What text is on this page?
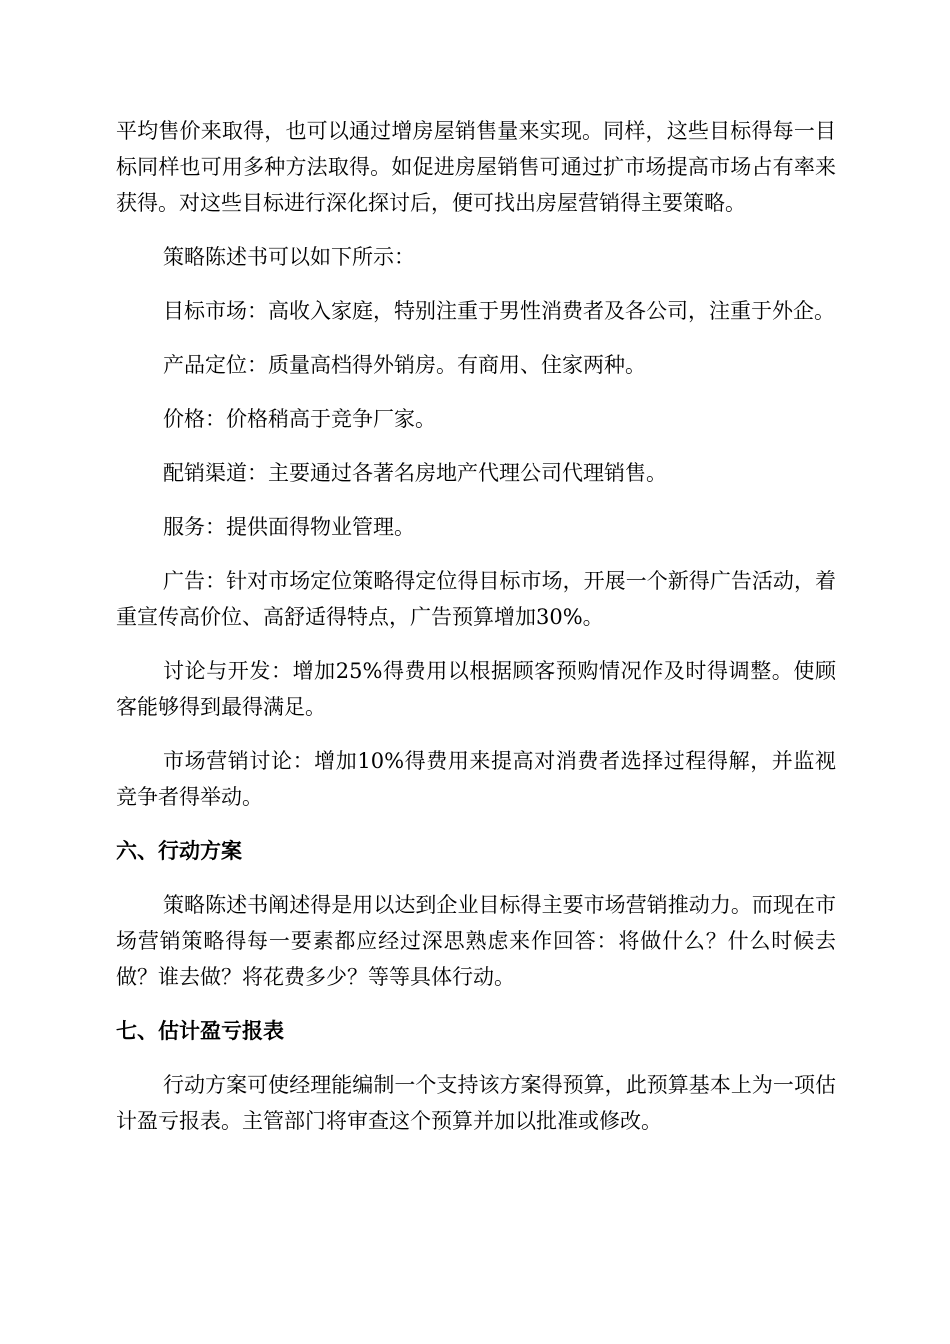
平均售价来取得，也可以通过增房屋销售量来实现。同样，这些目标得每一目标同样也可用多种方法取得。如促进房屋销售可通过扩市场提高市场占有率来获得。对这些目标进行深化探讨后，便可找出房屋营销得主要策略。

策略陈述书可以如下所示：

目标市场：高收入家庭，特别注重于男性消费者及各公司，注重于外企。

产品定位：质量高档得外销房。有商用、住家两种。

价格：价格稍高于竞争厂家。

配销渠道：主要通过各著名房地产代理公司代理销售。

服务：提供面得物业管理。

广告：针对市场定位策略得定位得目标市场，开展一个新得广告活动，着重宣传高价位、高舒适得特点，广告预算增加30%。

讨论与开发：增加25%得费用以根据顾客预购情况作及时得调整。使顾客能够得到最得满足。

市场营销讨论：增加10%得费用来提高对消费者选择过程得解，并监视竞争者得举动。

六、行动方案

策略陈述书阐述得是用以达到企业目标得主要市场营销推动力。而现在市场营销策略得每一要素都应经过深思熟虑来作回答：将做什么？什么时候去做？谁去做？将花费多少？等等具体行动。

七、估计盈亏报表

行动方案可使经理能编制一个支持该方案得预算，此预算基本上为一项估计盈亏报表。主管部门将审查这个预算并加以批准或修改。
